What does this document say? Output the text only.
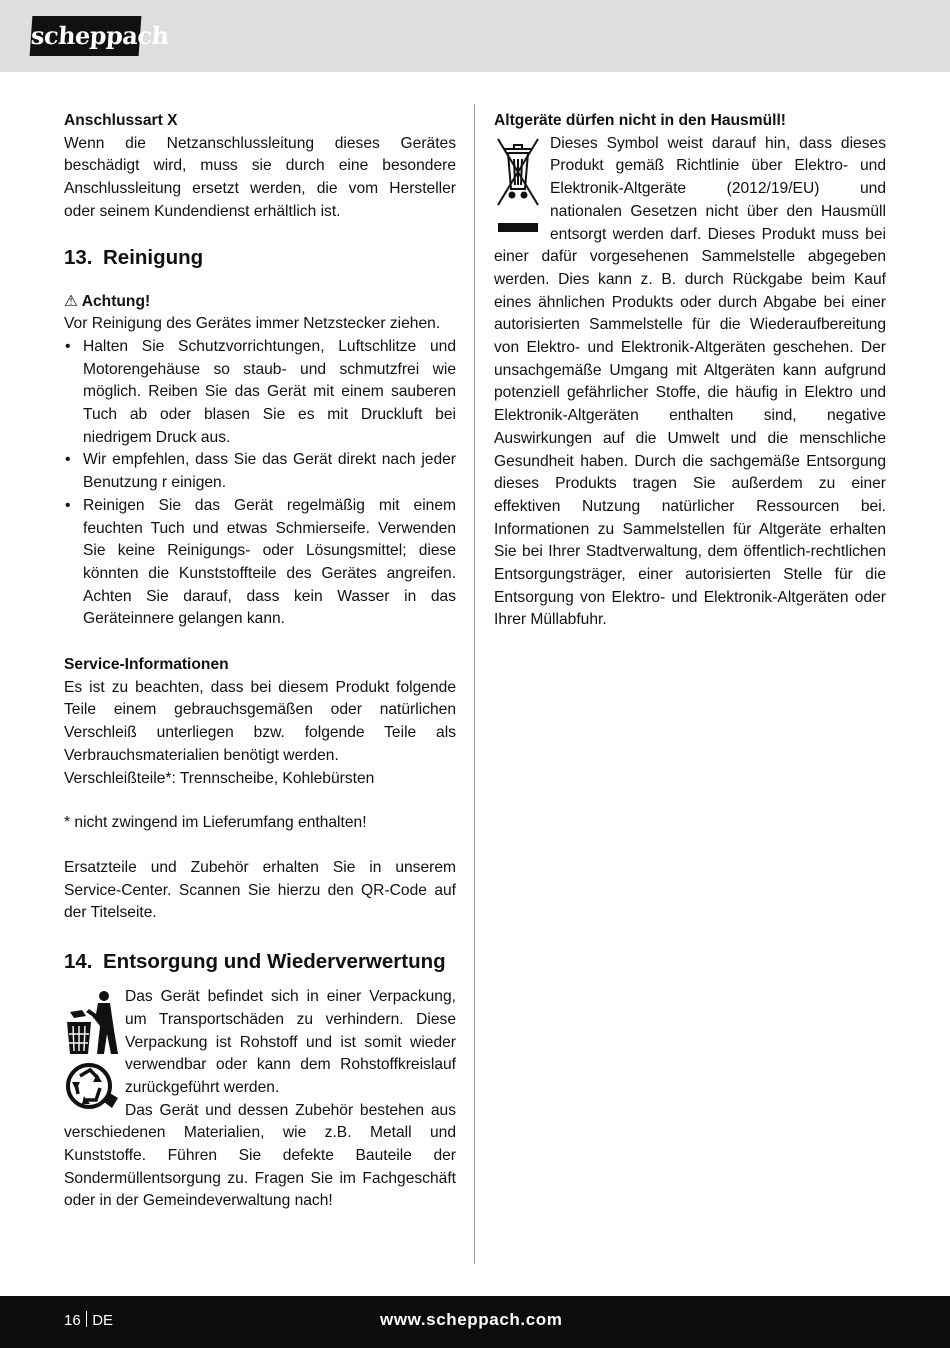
scheppach
Anschlussart X

Wenn die Netzanschlussleitung dieses Gerätes beschädigt wird, muss sie durch eine besondere Anschlussleitung ersetzt werden, die vom Hersteller oder seinem Kundendienst erhältlich ist.

13. Reinigung
⚠ Achtung!

Vor Reinigung des Gerätes immer Netzstecker ziehen.

• Halten Sie Schutzvorrichtungen, Luftschlitze und Motorengehäuse so staub- und schmutzfrei wie möglich. Reiben Sie das Gerät mit einem sauberen Tuch ab oder blasen Sie es mit Druckluft bei niedrigem Druck aus.
• Wir empfehlen, dass Sie das Gerät direkt nach jeder Benutzung r einigen.
• Reinigen Sie das Gerät regelmäßig mit einem feuchten Tuch und etwas Schmierseife. Verwenden Sie keine Reinigungs- oder Lösungsmittel; diese könnten die Kunststoffteile des Gerätes angreifen. Achten Sie darauf, dass kein Wasser in das Geräteinnere gelangen kann.
Service-Informationen

Es ist zu beachten, dass bei diesem Produkt folgende Teile einem gebrauchsgemäßen oder natürlichen Verschleiß unterliegen bzw. folgende Teile als Verbrauchsmaterialien benötigt werden.

Verschleißteile*: Trennscheibe, Kohlebürsten

* nicht zwingend im Lieferumfang enthalten!

Ersatzteile und Zubehör erhalten Sie in unserem Service-Center. Scannen Sie hierzu den QR-Code auf der Titelseite.

14. Entsorgung und Wiederverwertung

Das Gerät befindet sich in einer Verpackung, um Transportschäden zu verhindern. Diese Verpackung ist Rohstoff und ist somit wieder verwendbar oder kann dem Rohstoffkreislauf zurückgeführt werden.

Das Gerät und dessen Zubehör bestehen aus verschiedenen Materialien, wie z.B. Metall und Kunststoffe. Führen Sie defekte Bauteile der Sondermüllentsorgung zu. Fragen Sie im Fachgeschäft oder in der Gemeindeverwaltung nach!

Altgeräte dürfen nicht in den Hausmüll!

Dieses Symbol weist darauf hin, dass dieses Produkt gemäß Richtlinie über Elektro- und Elektronik-Altgeräte (2012/19/EU) und nationalen Gesetzen nicht über den Hausmüll entsorgt werden darf. Dieses Produkt muss bei einer dafür vorgesehenen Sammelstelle abgegeben werden. Dies kann z. B. durch Rückgabe beim Kauf eines ähnlichen Produkts oder durch Abgabe bei einer autorisierten Sammelstelle für die Wiederaufbereitung von Elektro- und Elektronik-Altgeräten geschehen. Der unsachgemäße Umgang mit Altgeräten kann aufgrund potenziell gefährlicher Stoffe, die häufig in Elektro und Elektronik-Altgeräten enthalten sind, negative Auswirkungen auf die Umwelt und die menschliche Gesundheit haben. Durch die sachgemäße Entsorgung dieses Produkts tragen Sie außerdem zu einer effektiven Nutzung natürlicher Ressourcen bei. Informationen zu Sammelstellen für Altgeräte erhalten Sie bei Ihrer Stadtverwaltung, dem öffentlich-rechtlichen Entsorgungsträger, einer autorisierten Stelle für die Entsorgung von Elektro- und Elektronik-Altgeräten oder Ihrer Müllabfuhr.

16 DE	www.scheppach.com
